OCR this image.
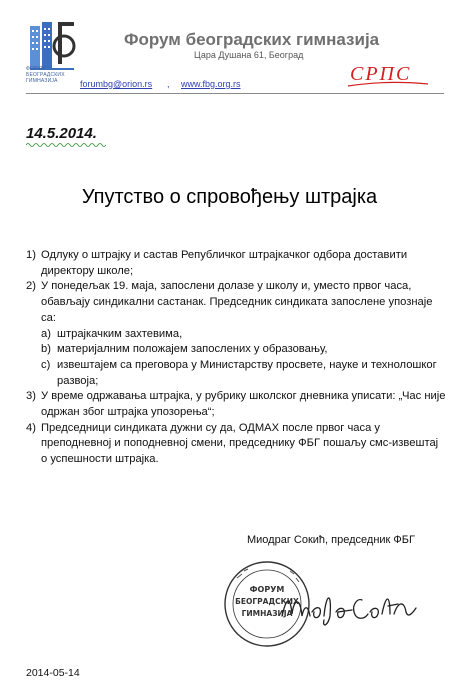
ФОРУМ
БЕОГРАДСКИХ
ГИМНАЗИЈА
Форум београдских гимназија
Цара Душана 61, Београд
СРПС
forumbg@orion.rs , www.fbg.org.rs
14.5.2014.
Упутство о спровођењу штрајка
1) Одлуку о штрајку и састав Републичког штрајкачког одбора доставити директору школе;
2) У понедељак 19. маја, запослени долазе у школу и, уместо првог часа, обављају синдикални састанак. Председник синдиката запослене упознаје са:
a) штрајкачким захтевима,
b) материјалним положајем запослених у образовању,
c) извештајем са преговора у Министарству просвете, науке и технолошког развоја;
3) У време одржавања штрајка, у рубрику школског дневника уписати: „Час није одржан због штрајка упозорења“;
4) Председници синдиката дужни су да, ОДМАХ после првог часа у преподневној и поподневној смени, председнику ФБГ пошаљу смс-извештај о успешности штрајка.
Миодраг Сокић, председник ФБГ
ФОРУМ
БЕОГРАДСКИХ
ГИМНАЗИЈА
2014-05-14
